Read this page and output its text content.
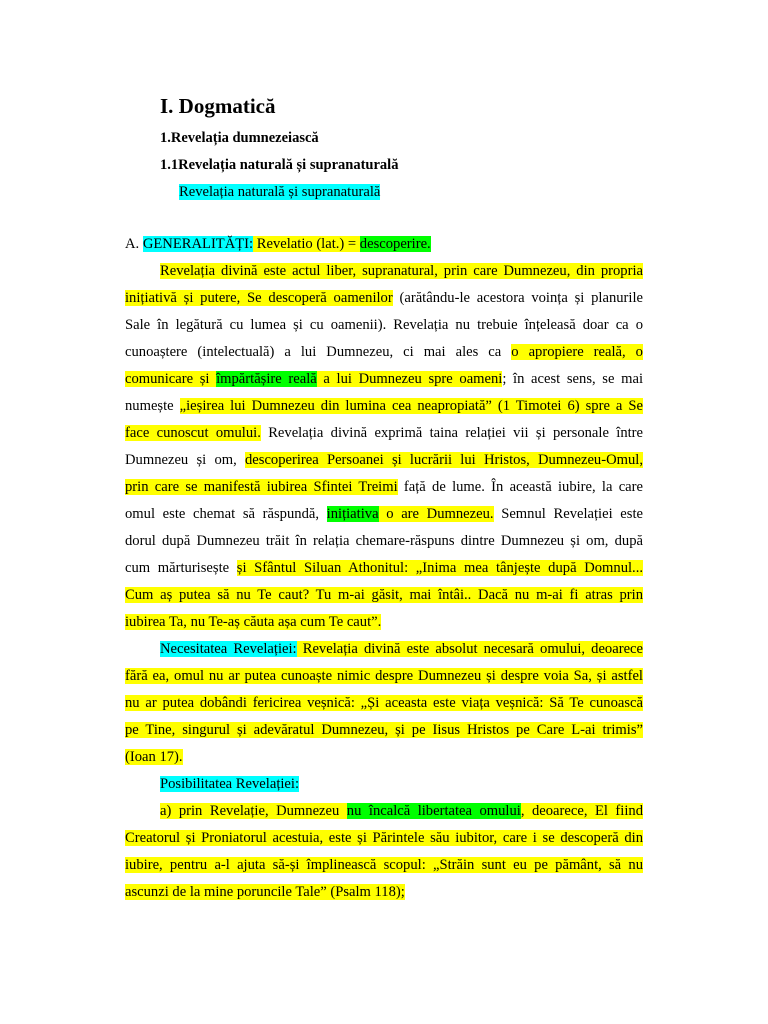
I. Dogmatică
1.Revelația dumnezeiască
1.1Revelația naturală și supranaturală
Revelația naturală și supranaturală
A. GENERALITĂȚI: Revelatio (lat.) = descoperire.
Revelația divină este actul liber, supranatural, prin care Dumnezeu, din propria
inițiativă și putere, Se descoperă oamenilor (arătându-le acestora voința și planurile
Sale în legătură cu lumea și cu oamenii). Revelația nu trebuie înțeleasă doar ca o
cunoaștere (intelectuală) a lui Dumnezeu, ci mai ales ca o apropiere reală, o
comunicare și împărtășire reală a lui Dumnezeu spre oameni; în acest sens, se mai
numește „ieșirea lui Dumnezeu din lumina cea neapropiată” (1 Timotei 6) spre a Se
face cunoscut omului. Revelația divină exprimă taina relației vii și personale între
Dumnezeu și om, descoperirea Persoanei și lucrării lui Hristos, Dumnezeu-Omul,
prin care se manifestă iubirea Sfintei Treimi față de lume. În această iubire, la care
omul este chemat să răspundă, inițiativa o are Dumnezeu. Semnul Revelației este
dorul după Dumnezeu trăit în relația chemare-răspuns dintre Dumnezeu și om, după
cum mărturisește și Sfântul Siluan Athonitul: „Inima mea tânjește după Domnul...
Cum aș putea să nu Te caut? Tu m-ai găsit, mai întâi.. Dacă nu m-ai fi atras prin
iubirea Ta, nu Te-aș căuta așa cum Te caut”.
Necesitatea Revelației: Revelația divină este absolut necesară omului, deoarece
fără ea, omul nu ar putea cunoaște nimic despre Dumnezeu și despre voia Sa, și astfel
nu ar putea dobândi fericirea veșnică: „Și aceasta este viața veșnică: Să Te cunoască
pe Tine, singurul și adevăratul Dumnezeu, și pe Iisus Hristos pe Care L-ai trimis”
(Ioan 17).
Posibilitatea Revelației:
a) prin Revelație, Dumnezeu nu încalcă libertatea omului, deoarece, El fiind
Creatorul și Proniatorul acestuia, este și Părintele său iubitor, care i se descoperă din
iubire, pentru a-l ajuta să-și împlinească scopul: „Străin sunt eu pe pământ, să nu
ascunzi de la mine poruncile Tale” (Psalm 118);
